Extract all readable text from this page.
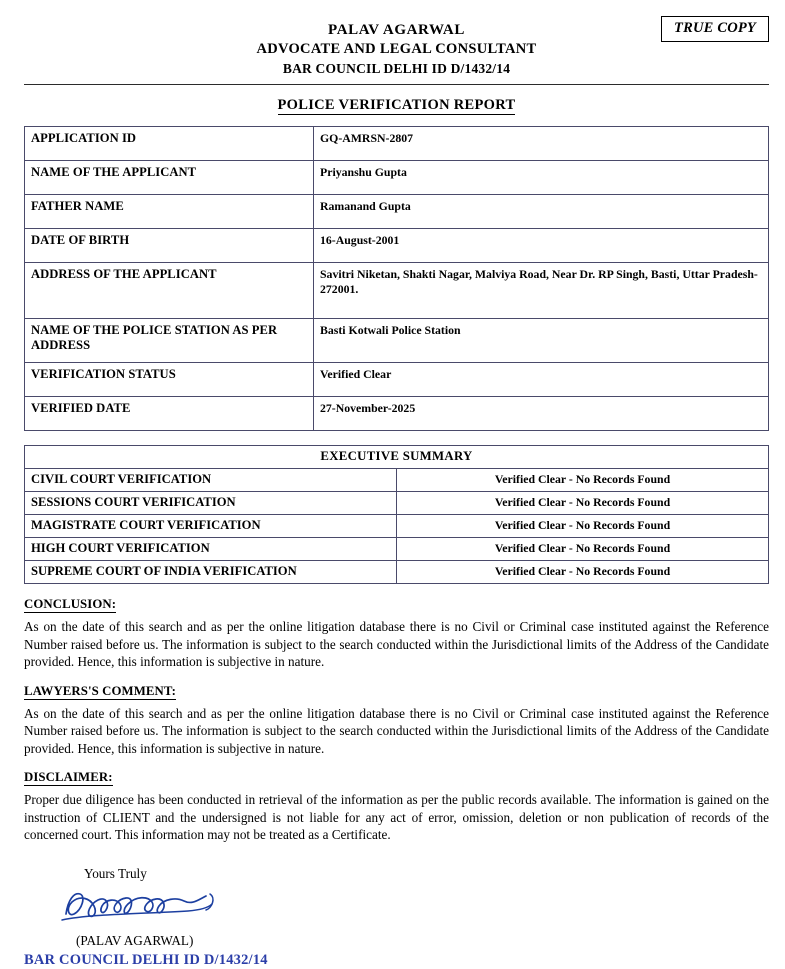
TRUE COPY
PALAV AGARWAL
ADVOCATE AND LEGAL CONSULTANT
BAR COUNCIL DELHI ID D/1432/14
POLICE VERIFICATION REPORT
APPLICATION ID	GQ-AMRSN-2807
NAME OF THE APPLICANT	Priyanshu Gupta
FATHER NAME	Ramanand Gupta
DATE OF BIRTH	16-August-2001
ADDRESS OF THE APPLICANT	Savitri Niketan, Shakti Nagar, Malviya Road, Near Dr. RP Singh, Basti, Uttar Pradesh-272001.
NAME OF THE POLICE STATION AS PER ADDRESS	Basti Kotwali Police Station
VERIFICATION STATUS	Verified Clear
VERIFIED DATE	27-November-2025
EXECUTIVE SUMMARY	
CIVIL COURT VERIFICATION	Verified Clear - No Records Found
SESSIONS COURT VERIFICATION	Verified Clear - No Records Found
MAGISTRATE COURT VERIFICATION	Verified Clear - No Records Found
HIGH COURT VERIFICATION	Verified Clear - No Records Found
SUPREME COURT OF INDIA VERIFICATION	Verified Clear - No Records Found
CONCLUSION:
As on the date of this search and as per the online litigation database there is no Civil or Criminal case instituted against the Reference Number raised before us. The information is subject to the search conducted within the Jurisdictional limits of the Address of the Candidate provided. Hence, this information is subjective in nature.
LAWYERS'S COMMENT:
As on the date of this search and as per the online litigation database there is no Civil or Criminal case instituted against the Reference Number raised before us. The information is subject to the search conducted within the Jurisdictional limits of the Address of the Candidate provided. Hence, this information is subjective in nature.
DISCLAIMER:
Proper due diligence has been conducted in retrieval of the information as per the public records available. The information is gained on the instruction of CLIENT and the undersigned is not liable for any act of error, omission, deletion or non publication of records of the concerned court. This information may not be treated as a Certificate.
Yours Truly
(PALAV AGARWAL)
BAR COUNCIL DELHI ID D/1432/14
